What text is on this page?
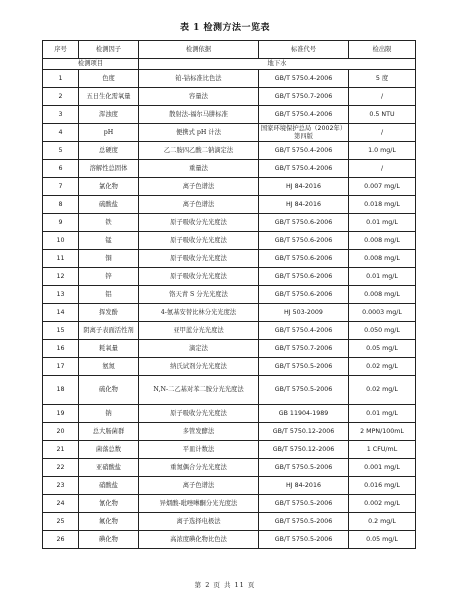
表 1 检测方法一览表
序号	检测因子	检测依据	标准代号	检出限
检测项目		地下水		
1	色度	铂-钴标准比色法	GB/T 5750.4-2006	5 度
2	五日生化需氧量	容量法	GB/T 5750.7-2006	/
3	浑浊度	散射法-福尔马肼标准	GB/T 5750.4-2006	0.5 NTU
4	pH	便携式 pH 计法	国家环境保护总局（2002年）第四版	/
5	总硬度	乙二胺四乙酸二钠滴定法	GB/T 5750.4-2006	1.0 mg/L
6	溶解性总固体	重量法	GB/T 5750.4-2006	/
7	氯化物	离子色谱法	HJ 84-2016	0.007 mg/L
8	硫酸盐	离子色谱法	HJ 84-2016	0.018 mg/L
9	铁	原子吸收分光光度法	GB/T 5750.6-2006	0.01 mg/L
10	锰	原子吸收分光光度法	GB/T 5750.6-2006	0.008 mg/L
11	铜	原子吸收分光光度法	GB/T 5750.6-2006	0.008 mg/L
12	锌	原子吸收分光光度法	GB/T 5750.6-2006	0.01 mg/L
13	铝	铬天青 S 分光光度法	GB/T 5750.6-2006	0.008 mg/L
14	挥发酚	4-氨基安替比林分光光度法	HJ 503-2009	0.0003 mg/L
15	阴离子表面活性剂	亚甲蓝分光光度法	GB/T 5750.4-2006	0.050 mg/L
16	耗氧量	滴定法	GB/T 5750.7-2006	0.05 mg/L
17	氨氮	纳氏试剂分光光度法	GB/T 5750.5-2006	0.02 mg/L
18	硫化物	N,N-二乙基对苯二胺分光光度法	GB/T 5750.5-2006	0.02 mg/L
19	钠	原子吸收分光光度法	GB 11904-1989	0.01 mg/L
20	总大肠菌群	多管发酵法	GB/T 5750.12-2006	2 MPN/100mL
21	菌落总数	平皿计数法	GB/T 5750.12-2006	1 CFU/mL
22	亚硝酸盐	重氮偶合分光光度法	GB/T 5750.5-2006	0.001 mg/L
23	硝酸盐	离子色谱法	HJ 84-2016	0.016 mg/L
24	氰化物	异烟酸-吡唑啉酮分光光度法	GB/T 5750.5-2006	0.002 mg/L
25	氟化物	离子选择电极法	GB/T 5750.5-2006	0.2 mg/L
26	碘化物	高浓度碘化物比色法	GB/T 5750.5-2006	0.05 mg/L
第 2 页 共 11 页
